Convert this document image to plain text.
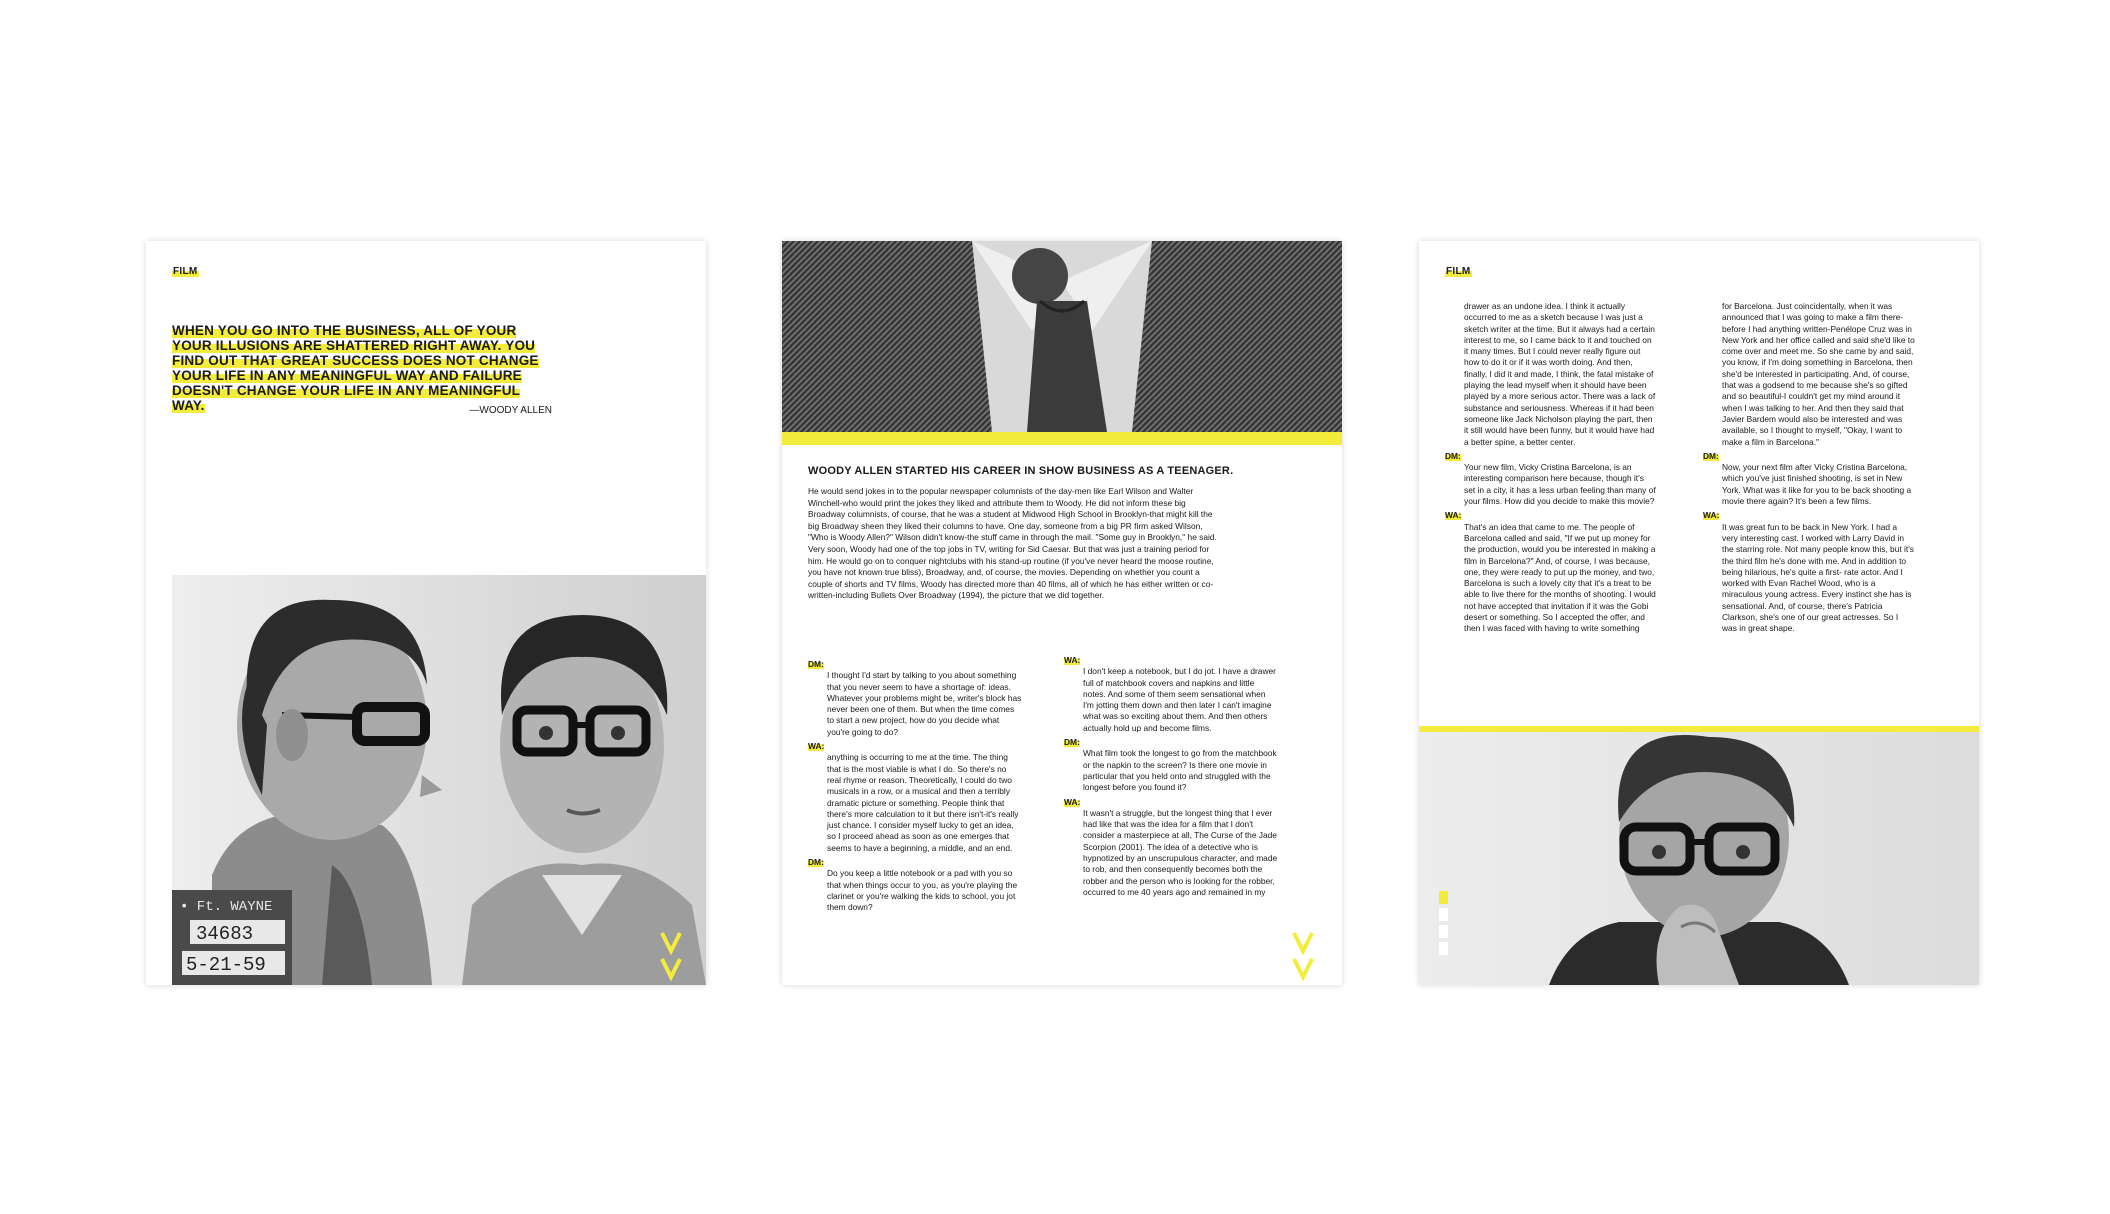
FILM
WHEN YOU GO INTO THE BUSINESS, ALL OF YOUR YOUR ILLUSIONS ARE SHATTERED RIGHT AWAY. YOU FIND OUT THAT GREAT SUCCESS DOES NOT CHANGE YOUR LIFE IN ANY MEANINGFUL WAY AND FAILURE DOESN'T CHANGE YOUR LIFE IN ANY MEANINGFUL WAY.	—WOODY ALLEN
• Ft. WAYNE
34683
5-21-59
WOODY ALLEN STARTED HIS CAREER IN SHOW BUSINESS AS A TEENAGER.
He would send jokes in to the popular newspaper columnists of the day-men like Earl Wilson and Walter Winchell-who would print the jokes they liked and attribute them to Woody. He did not inform these big Broadway columnists, of course, that he was a student at Midwood High School in Brooklyn-that might kill the big Broadway sheen they liked their columns to have. One day, someone from a big PR firm asked Wilson, "Who is Woody Allen?" Wilson didn't know-the stuff came in through the mail. "Some guy in Brooklyn," he said. Very soon, Woody had one of the top jobs in TV, writing for Sid Caesar. But that was just a training period for him. He would go on to conquer nightclubs with his stand-up routine (if you've never heard the moose routine, you have not known true bliss), Broadway, and, of course, the movies. Depending on whether you count a couple of shorts and TV films, Woody has directed more than 40 films, all of which he has either written or co-written-including Bullets Over Broadway (1994), the picture that we did together.
DM:
I thought I'd start by talking to you about something that you never seem to have a shortage of: ideas. Whatever your problems might be, writer's block has never been one of them. But when the time comes to start a new project, how do you decide what you're going to do?
WA:
anything is occurring to me at the time. The thing that is the most viable is what I do. So there's no real rhyme or reason. Theoretically, I could do two musicals in a row, or a musical and then a terribly dramatic picture or something. People think that there's more calculation to it but there isn't-it's really just chance. I consider myself lucky to get an idea, so I proceed ahead as soon as one emerges that seems to have a beginning, a middle, and an end.
DM:
Do you keep a little notebook or a pad with you so that when things occur to you, as you're playing the clarinet or you're walking the kids to school, you jot them down?
WA:
I don't keep a notebook, but I do jot. I have a drawer full of matchbook covers and napkins and little notes. And some of them seem sensational when I'm jotting them down and then later I can't imagine what was so exciting about them. And then others actually hold up and become films.
DM:
What film took the longest to go from the matchbook or the napkin to the screen? Is there one movie in particular that you held onto and struggled with the longest before you found it?
WA:
It wasn't a struggle, but the longest thing that I ever had like that was the idea for a film that I don't consider a masterpiece at all, The Curse of the Jade Scorpion (2001). The idea of a detective who is hypnotized by an unscrupulous character, and made to rob, and then consequently becomes both the robber and the person who is looking for the robber, occurred to me 40 years ago and remained in my
FILM
drawer as an undone idea. I think it actually occurred to me as a sketch because I was just a sketch writer at the time. But it always had a certain interest to me, so I came back to it and touched on it many times. But I could never really figure out how to do it or if it was worth doing. And then, finally, I did it and made, I think, the fatal mistake of playing the lead myself when it should have been played by a more serious actor. There was a lack of substance and seriousness. Whereas if it had been someone like Jack Nicholson playing the part, then it still would have been funny, but it would have had a better spine, a better center.
DM:
Your new film, Vicky Cristina Barcelona, is an interesting comparison here because, though it's set in a city, it has a less urban feeling than many of your films. How did you decide to make this movie?
WA:
That's an idea that came to me. The people of Barcelona called and said, "If we put up money for the production, would you be interested in making a film in Barcelona?" And, of course, I was because, one, they were ready to put up the money, and two, Barcelona is such a lovely city that it's a treat to be able to live there for the months of shooting. I would not have accepted that invitation if it was the Gobi desert or something. So I accepted the offer, and then I was faced with having to write something
for Barcelona. Just coincidentally, when it was announced that I was going to make a film there-before I had anything written-Penélope Cruz was in New York and her office called and said she'd like to come over and meet me. So she came by and said, you know, if I'm doing something in Barcelona, then she'd be interested in participating. And, of course, that was a godsend to me because she's so gifted and so beautiful-I couldn't get my mind around it when I was talking to her. And then they said that Javier Bardem would also be interested and was available, so I thought to myself, "Okay, I want to make a film in Barcelona."
DM:
Now, your next film after Vicky Cristina Barcelona, which you've just finished shooting, is set in New York. What was it like for you to be back shooting a movie there again? It's been a few films.
WA:
It was great fun to be back in New York. I had a very interesting cast. I worked with Larry David in the starring role. Not many people know this, but it's the third film he's done with me. And in addition to being hilarious, he's quite a first- rate actor. And I worked with Evan Rachel Wood, who is a miraculous young actress. Every instinct she has is sensational. And, of course, there's Patricia Clarkson, she's one of our great actresses. So I was in great shape.
